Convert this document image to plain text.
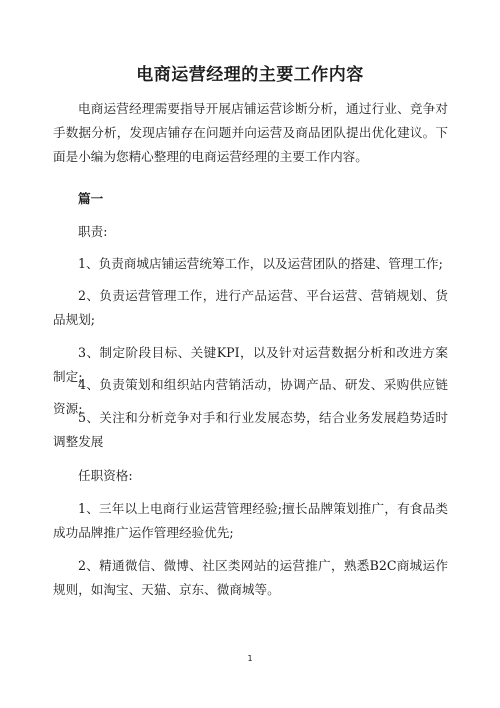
电商运营经理的主要工作内容
电商运营经理需要指导开展店铺运营诊断分析，通过行业、竞争对手数据分析，发现店铺存在问题并向运营及商品团队提出优化建议。下面是小编为您精心整理的电商运营经理的主要工作内容。
篇一
职责:
1、负责商城店铺运营统筹工作，以及运营团队的搭建、管理工作;
2、负责运营管理工作，进行产品运营、平台运营、营销规划、货品规划;
3、制定阶段目标、关键KPI，以及针对运营数据分析和改进方案制定;
4、负责策划和组织站内营销活动，协调产品、研发、采购供应链资源;
5、关注和分析竞争对手和行业发展态势，结合业务发展趋势适时调整发展
任职资格:
1、三年以上电商行业运营管理经验;擅长品牌策划推广，有食品类成功品牌推广运作管理经验优先;
2、精通微信、微博、社区类网站的运营推广，熟悉B2C商城运作规则，如淘宝、天猫、京东、微商城等。
1
